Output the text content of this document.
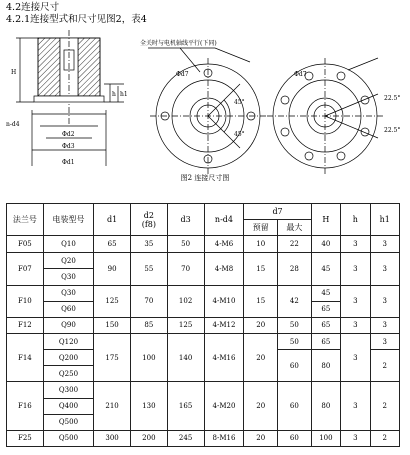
4.2连接尺寸
4.2.1连接型式和尺寸见图2，表4
全关时与电机轴线平行(下同)
Φd7	Φd7
45°
45°
22.5°
22.5°
n-d4
Φd2
Φd3
Φd1
H
h h1
图2 连接尺寸图
法兰号	电装型号	d1	d2
(f8)	d3	n-d4	d7		H	h	h1
						预留	最大			
F05	Q10	65	35	50	4-M6	10	22	40	3	3
F07	Q20	90	55	70	4-M8	15	28	45	3	3
	Q30									
F10	Q30	125	70	102	4-M10	15	42	45	3	3
	Q60							65		
F12	Q90	150	85	125	4-M12	20	50	65	3	3
F14	Q120	175	100	140	4-M16	20	50	65	3	3
	Q200						60	80		2
	Q250									
F16	Q300	210	130	165	4-M20	20	60	80	3	2
	Q400									
	Q500									
F25	Q500	300	200	245	8-M16	20	60	100	3	2
